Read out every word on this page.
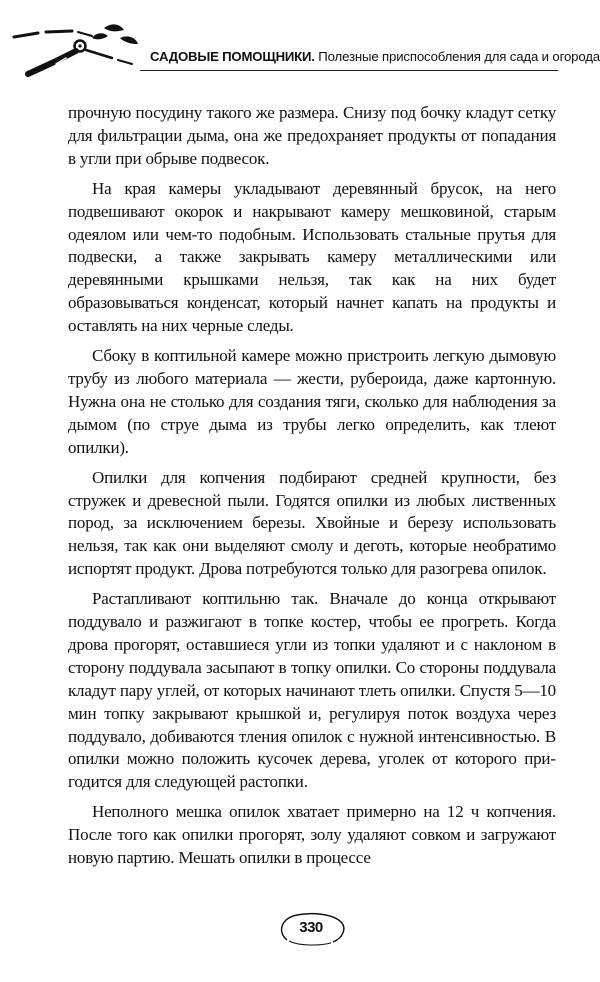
САДОВЫЕ ПОМОЩНИКИ. Полезные приспособления для сада и огорода

прочную посудину такого же размера. Снизу под бочку кладут сетку для фильтрации дыма, она же предохраняет продукты от попадания в угли при обрыве подвесок.

На края камеры укладывают деревянный брусок, на него подвешивают окорок и накрывают камеру мешковиной, старым одеялом или чем-то подобным. Использовать стальные прутья для подвески, а также закрывать камеру металлическими или деревянными крышками нельзя, так как на них будет образовываться конденсат, который начнет капать на продукты и оставлять на них черные следы.

Сбоку в коптильной камере можно пристроить легкую дымовую трубу из любого материала — жести, рубероида, даже картонную. Нужна она не столько для создания тяги, сколько для наблюдения за дымом (по струе дыма из трубы легко определить, как тлеют опилки).

Опилки для копчения подбирают средней крупности, без стружек и древесной пыли. Годятся опилки из любых лиственных пород, за исключением березы. Хвойные и березу использовать нельзя, так как они выделяют смолу и деготь, которые необратимо испортят продукт. Дрова потребуются только для разогрева опилок.

Растапливают коптильню так. Вначале до конца открывают поддувало и разжигают в топке костер, чтобы ее прогреть. Когда дрова прогорят, оставшиеся угли из топки удаляют и с наклоном в сторону поддувала засыпают в топку опилки. Со стороны поддувала кладут пару углей, от которых начинают тлеть опилки. Спустя 5—10 мин топку закрывают крышкой и, регулируя поток воздуха через поддувало, добиваются тления опилок с нужной интенсивностью. В опилки можно положить кусочек дерева, уголек от которого пригодится для следующей растопки.

Неполного мешка опилок хватает примерно на 12 ч копчения. После того как опилки прогорят, золу удаляют совком и загружают новую партию. Мешать опилки в процессе

330
